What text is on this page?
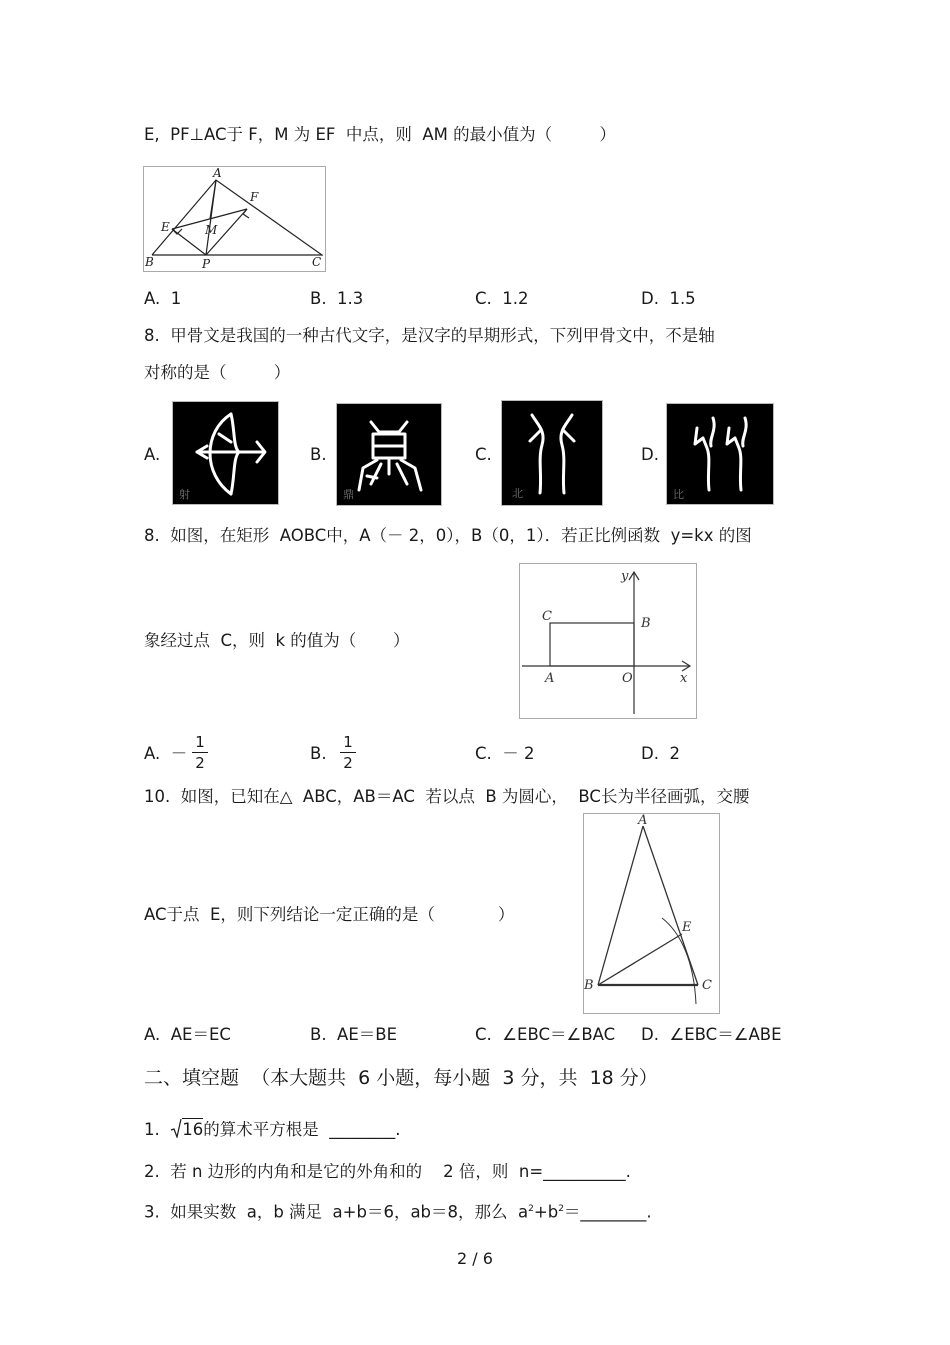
E,  PF⊥AC于 F，M 为 EF  中点，则  AM 的最小值为（         ）
A
F
E	M
B	P	C
A.  1	B.  1.3	C.  1.2	D.  1.5
8.  甲骨文是我国的一种古代文字，是汉字的早期形式，下列甲骨文中，不是轴
对称的是（         ）
A.
射
B.
鼎
C.
北
D.
比
8.  如图，在矩形  AOBC中，A（－ 2，0），B（0，1）．若正比例函数  y=kx 的图
象经过点  C，则  k 的值为（       ）
y
C	B
A	O	x
A.  －
1
2	B.
1
2	C.  － 2	D.  2
10.  如图，已知在△  ABC，AB＝AC  若以点  B 为圆心，  BC长为半径画弧，交腰
AC于点  E，则下列结论一定正确的是（            ）
A
E
B	C
A.  AE＝EC	B.  AE＝BE	C.  ∠EBC＝∠BAC D.  ∠EBC＝∠ABE
二、填空题  （本大题共  6 小题，每小题  3 分，共  18 分）
1. 16的算术平方根是  ________.
2.  若 n 边形的内角和是它的外角和的    2 倍，则  n=__________.
3.  如果实数  a，b 满足  a+b＝6，ab＝8，那么  $a^2+b^2=\_\_\_\_\_\_\_\_$.
2 / 6
